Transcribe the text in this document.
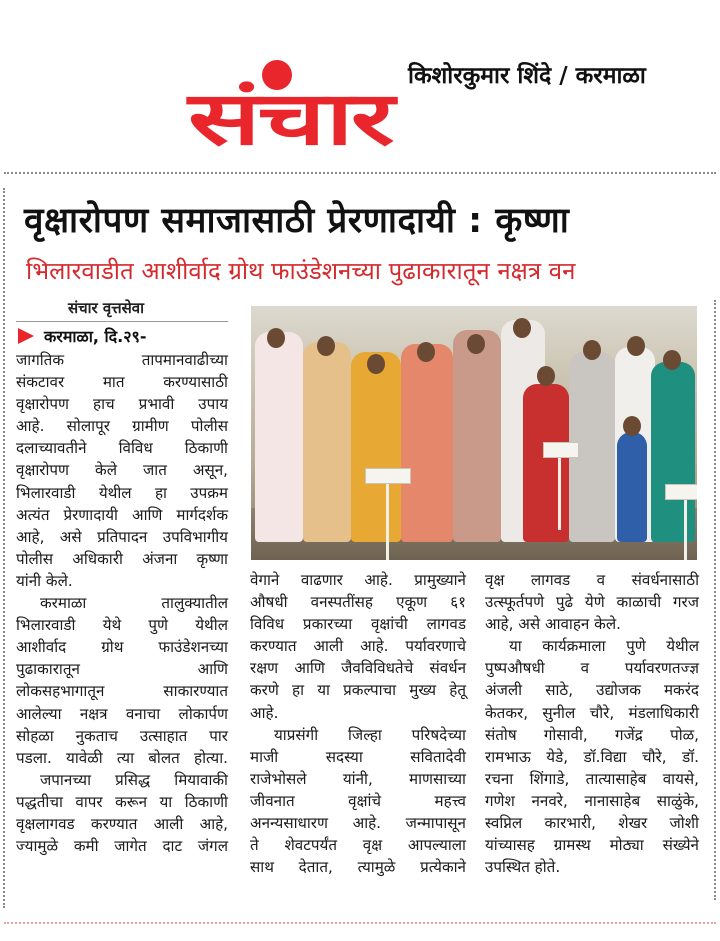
संचार किशोरकुमार शिंदे / करमाळा
वृक्षारोपण समाजासाठी प्रेरणादायी : कृष्णा
भिलारवाडीत आशीर्वाद ग्रोथ फाउंडेशनच्या पुढाकारातून नक्षत्र वन
संचार वृत्तसेवा
करमाळा, दि.२९-
जागतिक तापमानवाढीच्या
संकटावर मात करण्यासाठी
वृक्षारोपण हाच प्रभावी उपाय
आहे. सोलापूर ग्रामीण पोलीस
दलाच्यावतीने विविध ठिकाणी
वृक्षारोपण केले जात असून,
भिलारवाडी येथील हा उपक्रम
अत्यंत प्रेरणादायी आणि मार्गदर्शक
आहे, असे प्रतिपादन उपविभागीय
पोलीस अधिकारी अंजना कृष्णा
यांनी केले.
करमाळा तालुक्यातील
भिलारवाडी येथे पुणे येथील
आशीर्वाद ग्रोथ फाउंडेशनच्या
पुढाकारातून आणि
लोकसहभागातून साकारण्यात
आलेल्या नक्षत्र वनाचा लोकार्पण
सोहळा नुकताच उत्साहात पार
पडला. यावेळी त्या बोलत होत्या.
जपानच्या प्रसिद्ध मियावाकी
पद्धतीचा वापर करून या ठिकाणी
वृक्षलागवड करण्यात आली आहे,
ज्यामुळे कमी जागेत दाट जंगल
वेगाने वाढणार आहे. प्रामुख्याने
औषधी वनस्पतींसह एकूण ६१
विविध प्रकारच्या वृक्षांची लागवड
करण्यात आली आहे. पर्यावरणाचे
रक्षण आणि जैवविविधतेचे संवर्धन
करणे हा या प्रकल्पाचा मुख्य हेतू
आहे.
याप्रसंगी जिल्हा परिषदेच्या
माजी सदस्या सवितादेवी
राजेभोसले यांनी, माणसाच्या
जीवनात वृक्षांचे महत्त्व
अनन्यसाधारण आहे. जन्मापासून
ते शेवटपर्यंत वृक्ष आपल्याला
साथ देतात, त्यामुळे प्रत्येकाने
वृक्ष लागवड व संवर्धनासाठी
उत्स्फूर्तपणे पुढे येणे काळाची गरज
आहे, असे आवाहन केले.
या कार्यक्रमाला पुणे येथील
पुष्पऔषधी व पर्यावरणतज्ज्ञ
अंजली साठे, उद्योजक मकरंद
केतकर, सुनील चौरे, मंडलाधिकारी
संतोष गोसावी, गजेंद्र पोळ,
रामभाऊ येडे, डॉ.विद्या चौरे, डॉ.
रचना शिंगाडे, तात्यासाहेब वायसे,
गणेश ननवरे, नानासाहेब साळुंके,
स्वप्निल कारभारी, शेखर जोशी
यांच्यासह ग्रामस्थ मोठ्या संख्येने
उपस्थित होते.
